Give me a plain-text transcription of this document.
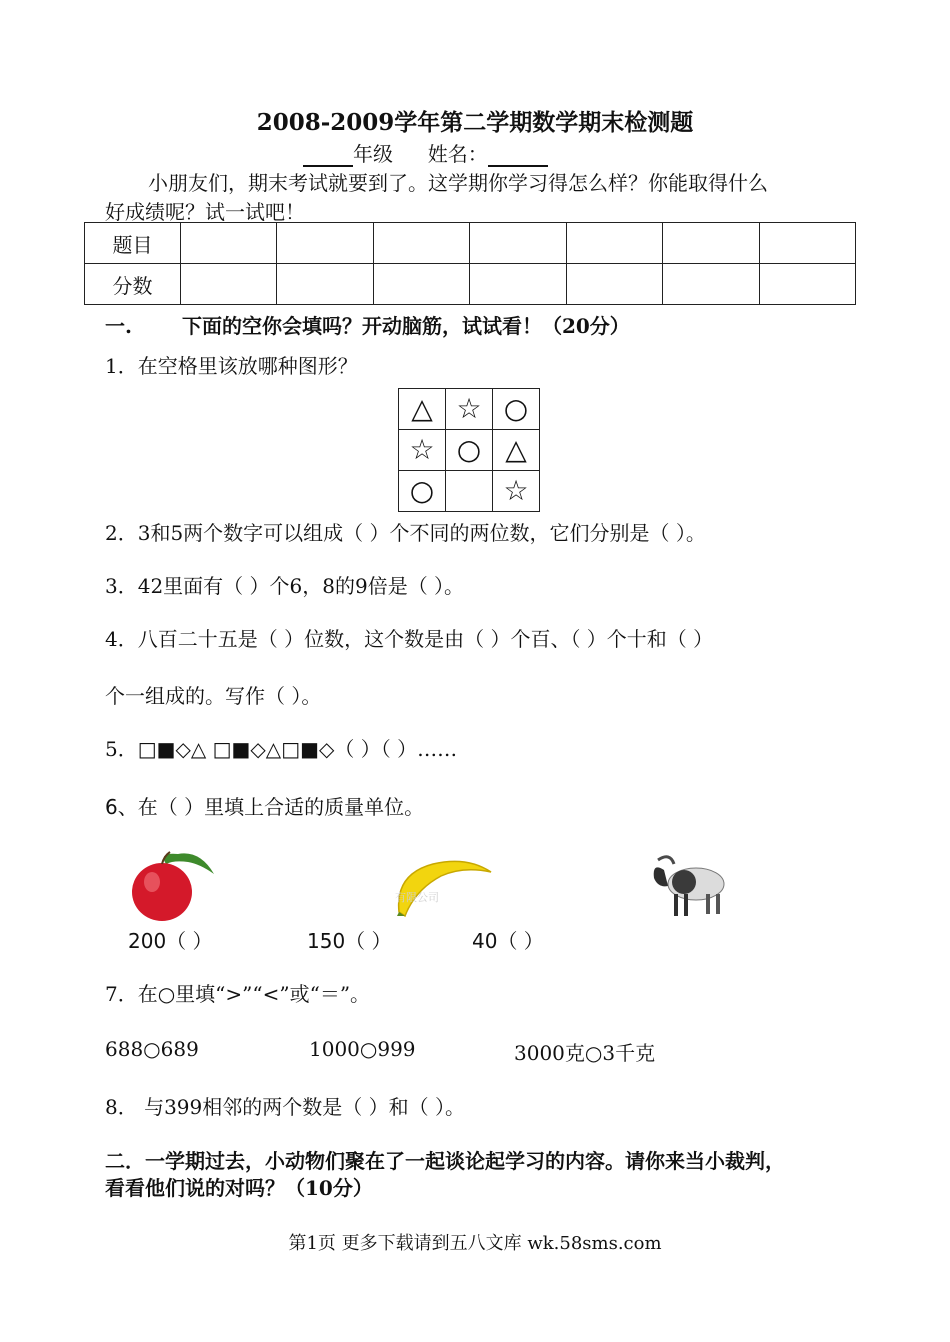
2008-2009学年第二学期数学期末检测题
年级 姓名：
小朋友们，期末考试就要到了。这学期你学习得怎么样？你能取得什么
好成绩呢？试一试吧！
题目							
分数							
一.	下面的空你会填吗？开动脑筋，试试看！（20分）
1．在空格里该放哪种图形？
△	☆	○
☆	○	△
○		☆
2．3和5两个数字可以组成（ ）个不同的两位数，它们分别是（ ）。
3．42里面有（ ）个6，8的9倍是（ ）。
4．八百二十五是（ ）位数，这个数是由（ ）个百、（ ）个十和（ ）
个一组成的。写作（ ）。
5．□■◇△ □■◇△□■◇（ ）（ ）……
6、在（ ）里填上合适的质量单位。
有限公司
200（ ）	150（ ）	40（ ）
7．在○里填“>”“<”或“＝”。
688○689	1000○999	3000克○3千克
8． 与399相邻的两个数是（ ）和（ ）。
二．一学期过去，小动物们聚在了一起谈论起学习的内容。请你来当小裁判，
看看他们说的对吗？（10分）
第1页 更多下载请到五八文库 wk.58sms.com
